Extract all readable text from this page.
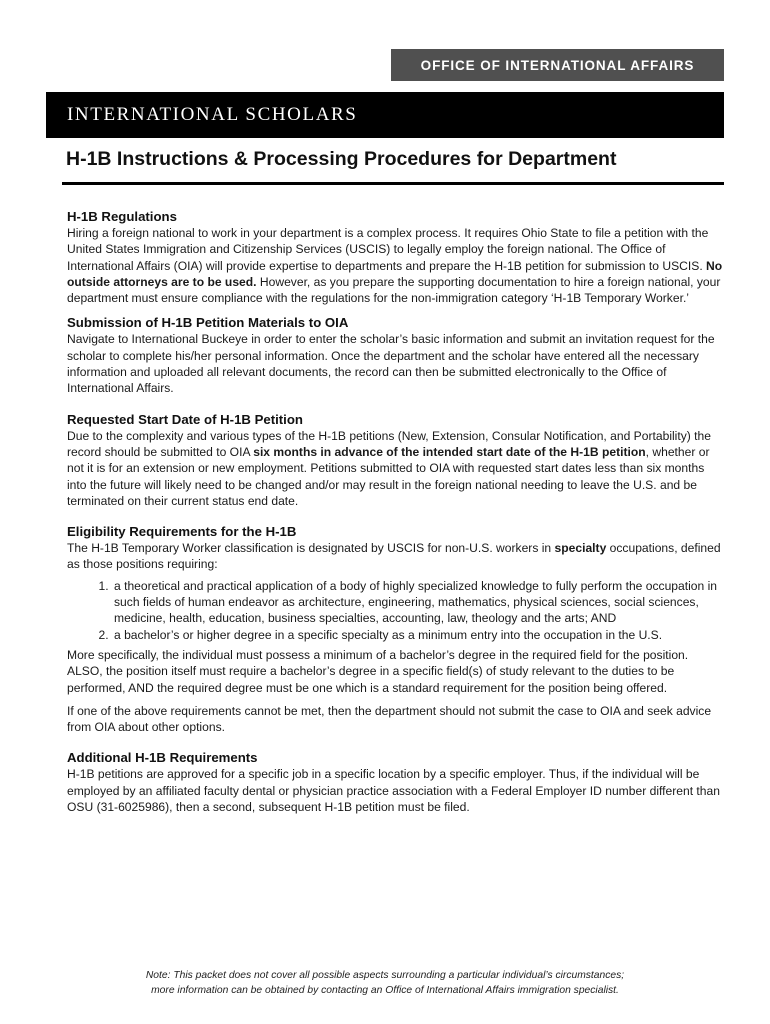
OFFICE OF INTERNATIONAL AFFAIRS
INTERNATIONAL SCHOLARS
H-1B Instructions & Processing Procedures for Department
H-1B Regulations

Hiring a foreign national to work in your department is a complex process. It requires Ohio State to file a petition with the United States Immigration and Citizenship Services (USCIS) to legally employ the foreign national. The Office of International Affairs (OIA) will provide expertise to departments and prepare the H-1B petition for submission to USCIS. No outside attorneys are to be used. However, as you prepare the supporting documentation to hire a foreign national, your department must ensure compliance with the regulations for the non-immigration category ‘H-1B Temporary Worker.’

Submission of H-1B Petition Materials to OIA

Navigate to International Buckeye in order to enter the scholar’s basic information and submit an invitation request for the scholar to complete his/her personal information. Once the department and the scholar have entered all the necessary information and uploaded all relevant documents, the record can then be submitted electronically to the Office of International Affairs.

Requested Start Date of H-1B Petition

Due to the complexity and various types of the H-1B petitions (New, Extension, Consular Notification, and Portability) the record should be submitted to OIA six months in advance of the intended start date of the H-1B petition, whether or not it is for an extension or new employment. Petitions submitted to OIA with requested start dates less than six months into the future will likely need to be changed and/or may result in the foreign national needing to leave the U.S. and be terminated on their current status end date.

Eligibility Requirements for the H-1B

The H-1B Temporary Worker classification is designated by USCIS for non-U.S. workers in specialty occupations, defined as those positions requiring:

1. a theoretical and practical application of a body of highly specialized knowledge to fully perform the occupation in such fields of human endeavor as architecture, engineering, mathematics, physical sciences, social sciences, medicine, health, education, business specialties, accounting, law, theology and the arts; AND
2. a bachelor’s or higher degree in a specific specialty as a minimum entry into the occupation in the U.S.

More specifically, the individual must possess a minimum of a bachelor’s degree in the required field for the position. ALSO, the position itself must require a bachelor’s degree in a specific field(s) of study relevant to the duties to be performed, AND the required degree must be one which is a standard requirement for the position being offered.

If one of the above requirements cannot be met, then the department should not submit the case to OIA and seek advice from OIA about other options.

Additional H-1B Requirements

H-1B petitions are approved for a specific job in a specific location by a specific employer. Thus, if the individual will be employed by an affiliated faculty dental or physician practice association with a Federal Employer ID number different than OSU (31-6025986), then a second, subsequent H-1B petition must be filed.

Note: This packet does not cover all possible aspects surrounding a particular individual’s circumstances;
more information can be obtained by contacting an Office of International Affairs immigration specialist.
